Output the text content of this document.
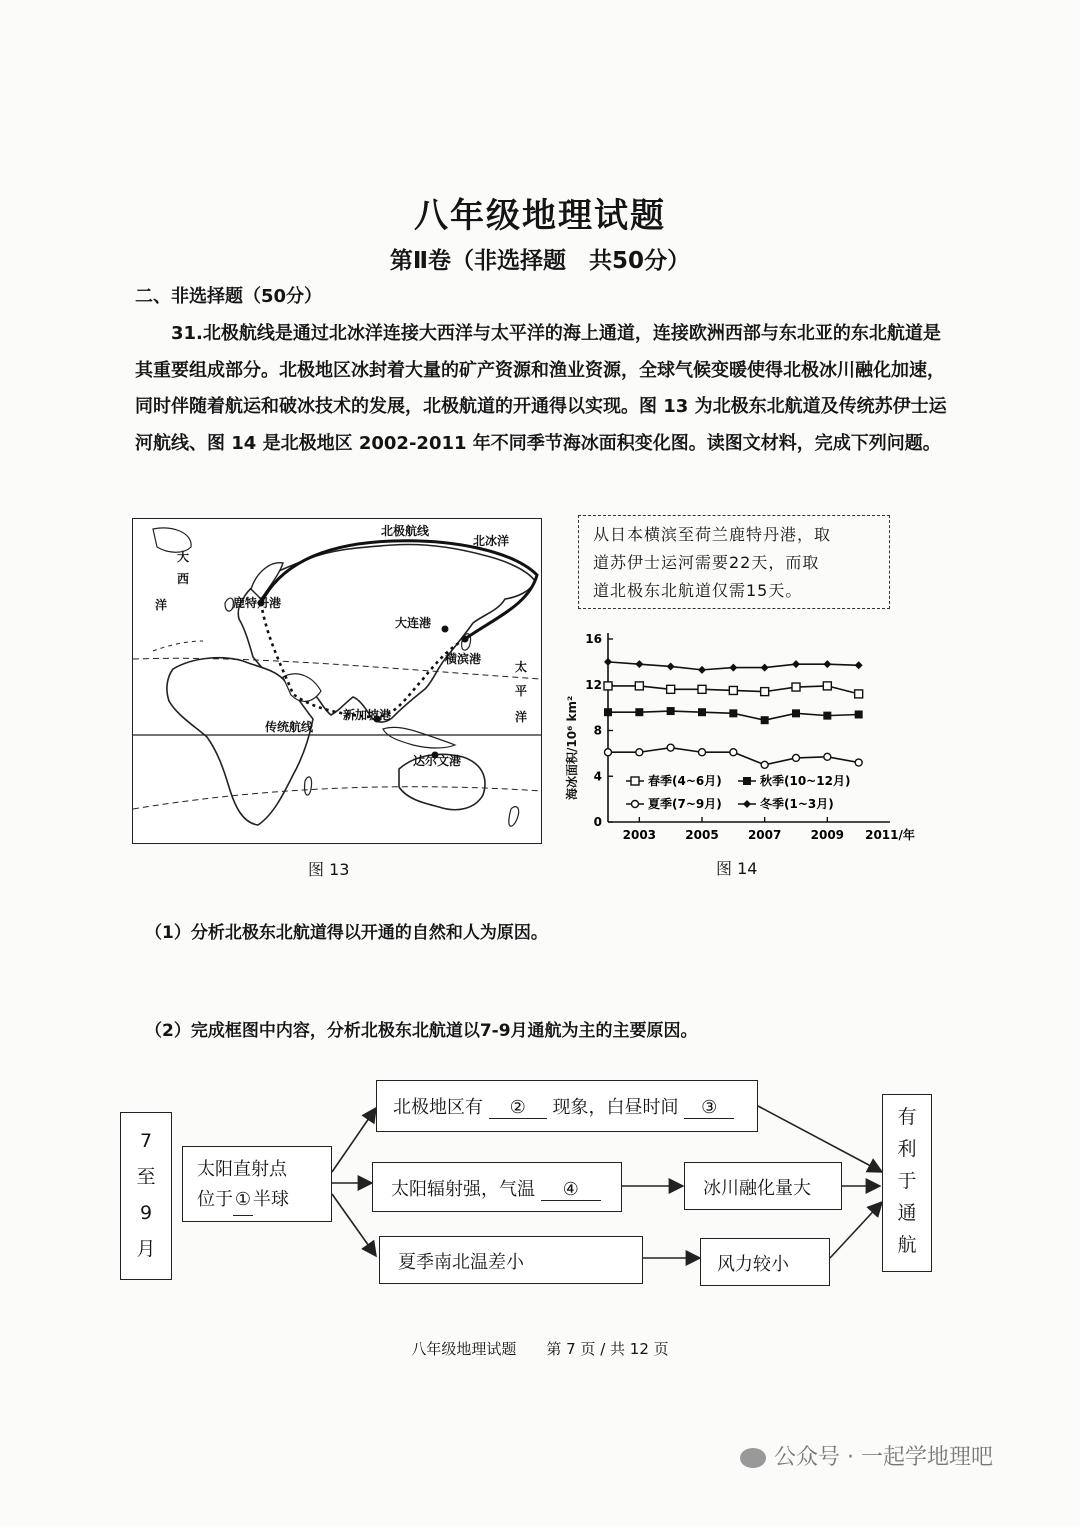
八年级地理试题
第Ⅱ卷（非选择题　共50分）
二、非选择题（50分）
31.北极航线是通过北冰洋连接大西洋与太平洋的海上通道，连接欧洲西部与东北亚的东北航道是其重要组成部分。北极地区冰封着大量的矿产资源和渔业资源，全球气候变暖使得北极冰川融化加速，同时伴随着航运和破冰技术的发展，北极航道的开通得以实现。图 13 为北极东北航道及传统苏伊士运河航线、图 14 是北极地区 2002-2011 年不同季节海冰面积变化图。读图文材料，完成下列问题。
大
西
洋
北极航线
北冰洋
鹿特丹港
大连港
横滨港
太
平
洋
传统航线
新加坡港
达尔文港
图 13
从日本横滨至荷兰鹿特丹港，取
道苏伊士运河需要22天，而取
道北极东北航道仅需15天。
0
4
8
12
16
2003 2005 2007 2009 2011/年
春季(4~6月)	秋季(10~12月)
夏季(7~9月)	冬季(1~3月)
海冰面积/10⁶ km²
图 14
（1）分析北极东北航道得以开通的自然和人为原因。
（2）完成框图中内容，分析北极东北航道以7-9月通航为主的主要原因。
7
至
9
月
太阳直射点
位于 ① 半球
北极地区有 ② 现象，白昼时间 ③
太阳辐射强，气温 ④
夏季南北温差小
冰川融化量大
风力较小
有
利
于
通
航
八年级地理试题　　第 7 页 / 共 12 页
公众号 · 一起学地理吧
